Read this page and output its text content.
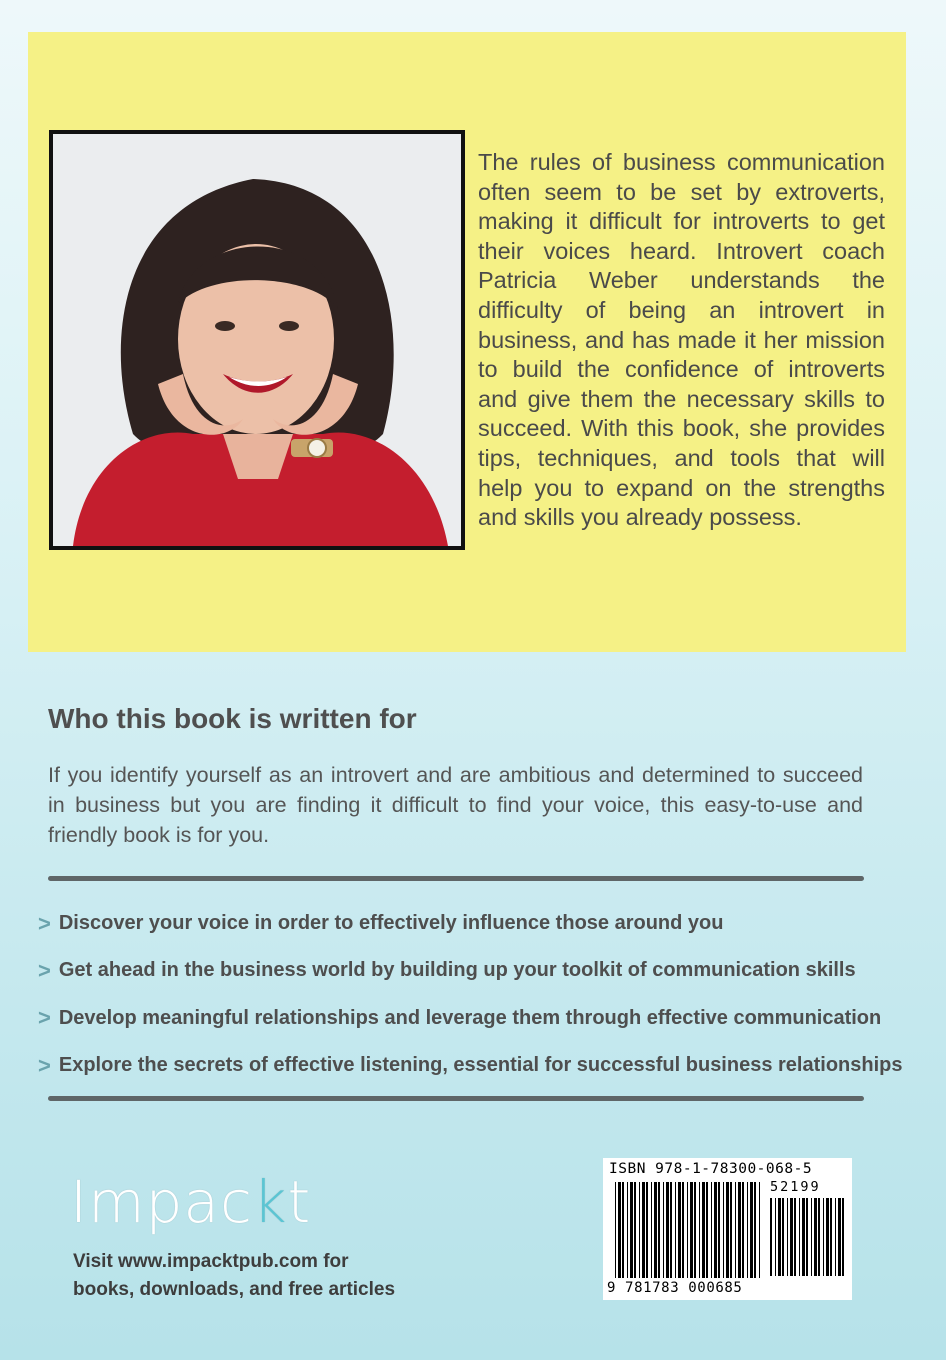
The rules of business communication often seem to be set by extroverts, making it difficult for introverts to get their voices heard. Introvert coach Patricia Weber understands the difficulty of being an introvert in business, and has made it her mission to build the confidence of introverts and give them the necessary skills to succeed. With this book, she provides tips, techniques, and tools that will help you to expand on the strengths and skills you already possess.

Who this book is written for

If you identify yourself as an introvert and are ambitious and determined to succeed in business but you are finding it difficult to find your voice, this easy-to-use and friendly book is for you.

> Discover your voice in order to effectively influence those around you
> Get ahead in the business world by building up your toolkit of communication skills
> Develop meaningful relationships and leverage them through effective communication
> Explore the secrets of effective listening, essential for successful business relationships
Impackt

Visit www.impacktpub.com for books, downloads, and free articles

ISBN 978-1-78300-068-5
52199
9 781783 000685
